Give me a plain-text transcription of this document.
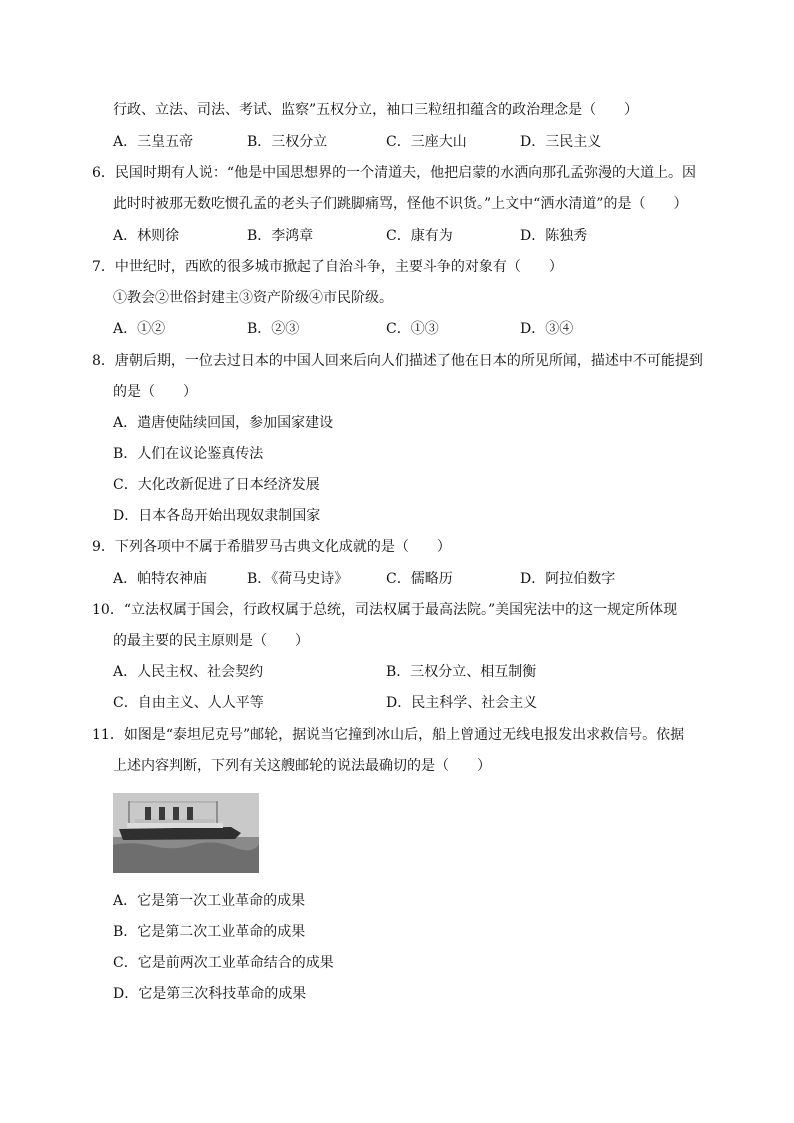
行政、立法、司法、考试、监察”五权分立，袖口三粒纽扣蕴含的政治理念是（　　）
A．三皇五帝	B．三权分立	C．三座大山	D．三民主义
6．民国时期有人说：“他是中国思想界的一个清道夫，他把启蒙的水洒向那孔孟弥漫的大道上。因
此时时被那无数吃惯孔孟的老头子们跳脚痛骂，怪他不识货。”上文中“洒水清道”的是（　　）
A．林则徐	B．李鸿章	C．康有为	D．陈独秀
7．中世纪时，西欧的很多城市掀起了自治斗争，主要斗争的对象有（　　）
①教会②世俗封建主③资产阶级④市民阶级。
A．①②	B．②③	C．①③	D．③④
8．唐朝后期，一位去过日本的中国人回来后向人们描述了他在日本的所见所闻，描述中不可能提到
的是（　　）
A．遣唐使陆续回国，参加国家建设
B．人们在议论鉴真传法
C．大化改新促进了日本经济发展
D．日本各岛开始出现奴隶制国家
9．下列各项中不属于希腊罗马古典文化成就的是（　　）
A．帕特农神庙	B．《荷马史诗》	C．儒略历	D．阿拉伯数字
10．“立法权属于国会，行政权属于总统，司法权属于最高法院。”美国宪法中的这一规定所体现
的最主要的民主原则是（　　）
A．人民主权、社会契约	B．三权分立、相互制衡
C．自由主义、人人平等	D．民主科学、社会主义
11．如图是“泰坦尼克号”邮轮，据说当它撞到冰山后，船上曾通过无线电报发出求救信号。依据
上述内容判断，下列有关这艘邮轮的说法最确切的是（　　）
A．它是第一次工业革命的成果
B．它是第二次工业革命的成果
C．它是前两次工业革命结合的成果
D．它是第三次科技革命的成果
